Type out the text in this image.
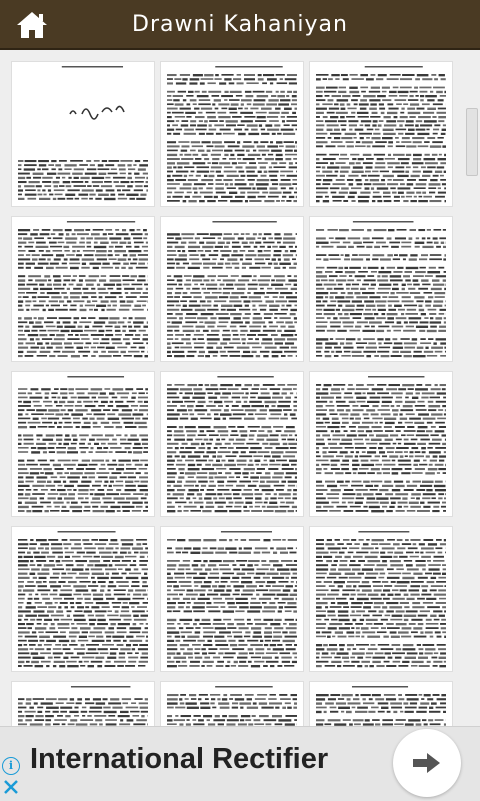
Drawni Kahaniyan
i International Rectifier
